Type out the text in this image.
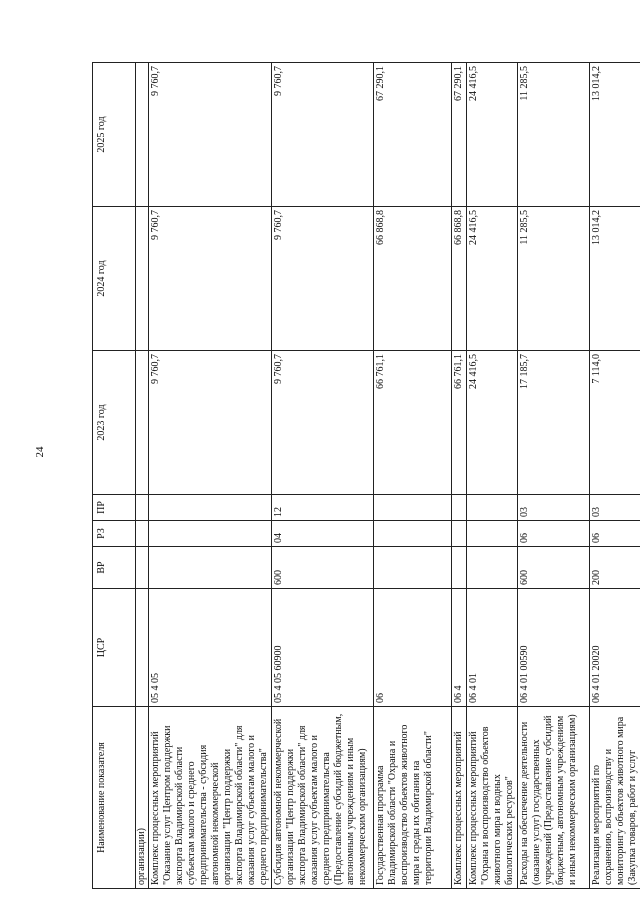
24
Наименование показателя	ЦСР	ВР	РЗ	ПР	2023 год	2024 год	2025 год
организации)							
Комплекс процессных мероприятий "Оказание услуг Центром поддержки экспорта Владимирской области субъектам малого и среднего предпринимательства - субсидия автономной некоммерческой организации "Центр поддержки экспорта Владимирской области" для оказания услуг субъектам малого и среднего предпринимательства"	05 4 05				9 760,7	9 760,7	9 760,7
Субсидия автономной некоммерческой организации "Центр поддержки экспорта Владимирской области" для оказания услуг субъектам малого и среднего предпринимательства (Предоставление субсидий бюджетным, автономным учреждениям и иным некоммерческим организациям)	05 4 05 60900	600	04	12	9 760,7	9 760,7	9 760,7
Государственная программа Владимирской области "Охрана и воспроизводство объектов животного мира и среды их обитания на территории Владимирской области"	06				66 761,1	66 868,8	67 290,1
Комплекс процессных мероприятий	06 4				66 761,1	66 868,8	67 290,1
Комплекс процессных мероприятий "Охрана и воспроизводство объектов животного мира и водных биологических ресурсов"	06 4 01				24 416,5	24 416,5	24 416,5
Расходы на обеспечение деятельности (оказание услуг) государственных учреждений (Предоставление субсидий бюджетным, автономным учреждениям и иным некоммерческим организациям)	06 4 01 00590	600	06	03	17 185,7	11 285,5	11 285,5
Реализация мероприятий по сохранению, воспроизводству и мониторингу объектов животного мира (Закупка товаров, работ и услуг	06 4 01 20020	200	06	03	7 114,0	13 014,2	13 014,2
